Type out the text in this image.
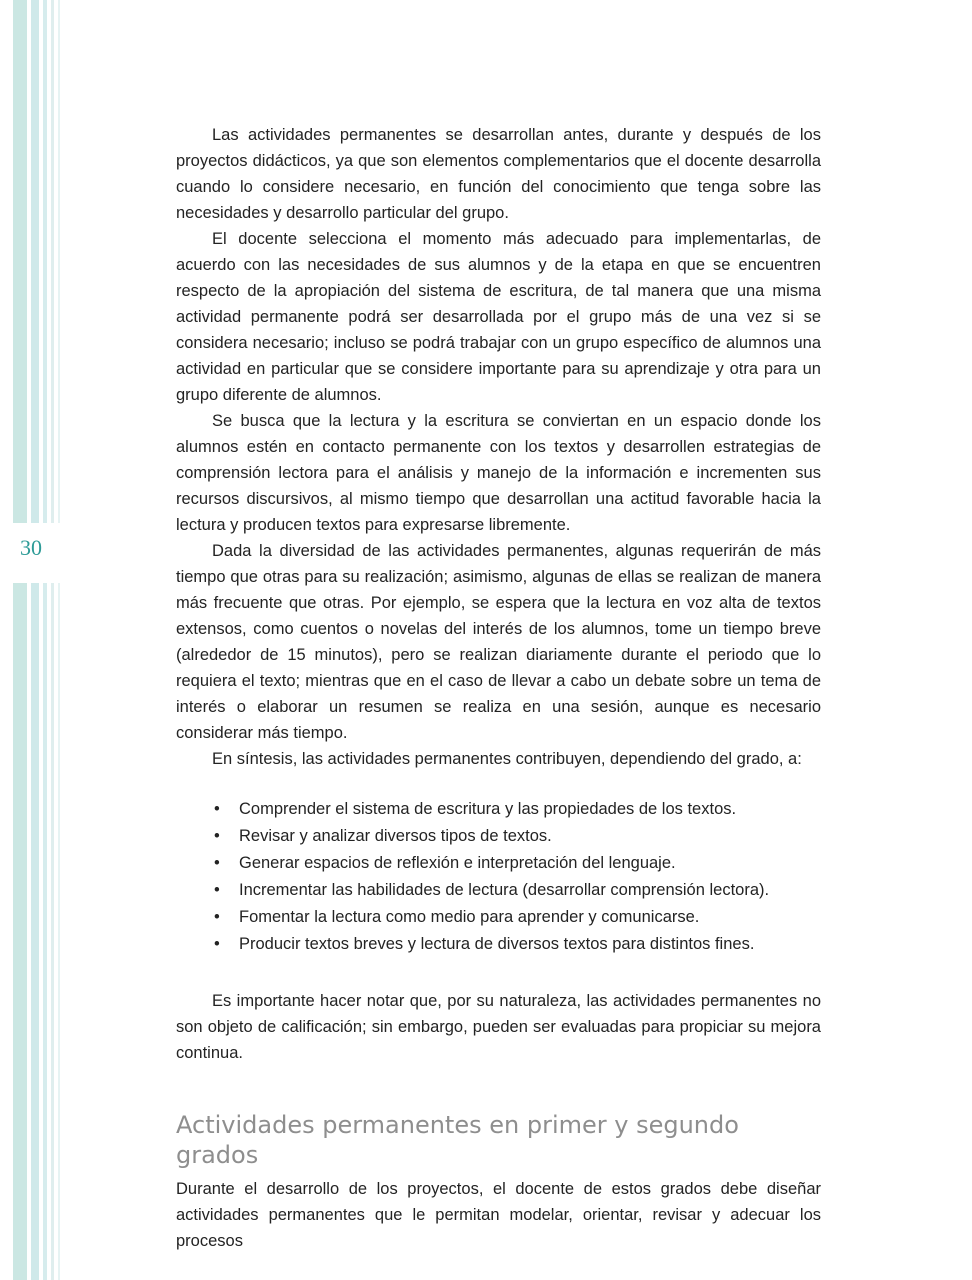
30

Las actividades permanentes se desarrollan antes, durante y después de los proyectos didácticos, ya que son elementos complementarios que el docente desarrolla cuando lo considere necesario, en función del conocimiento que tenga sobre las necesidades y desarrollo particular del grupo.

El docente selecciona el momento más adecuado para implementarlas, de acuerdo con las necesidades de sus alumnos y de la etapa en que se encuentren respecto de la apropiación del sistema de escritura, de tal manera que una misma actividad permanente podrá ser desarrollada por el grupo más de una vez si se considera necesario; incluso se podrá trabajar con un grupo específico de alumnos una actividad en particular que se considere importante para su aprendizaje y otra para un grupo diferente de alumnos.

Se busca que la lectura y la escritura se conviertan en un espacio donde los alumnos estén en contacto permanente con los textos y desarrollen estrategias de comprensión lectora para el análisis y manejo de la información e incrementen sus recursos discursivos, al mismo tiempo que desarrollan una actitud favorable hacia la lectura y producen textos para expresarse libremente.

Dada la diversidad de las actividades permanentes, algunas requerirán de más tiempo que otras para su realización; asimismo, algunas de ellas se realizan de manera más frecuente que otras. Por ejemplo, se espera que la lectura en voz alta de textos extensos, como cuentos o novelas del interés de los alumnos, tome un tiempo breve (alrededor de 15 minutos), pero se realizan diariamente durante el periodo que lo requiera el texto; mientras que en el caso de llevar a cabo un debate sobre un tema de interés o elaborar un resumen se realiza en una sesión, aunque es necesario considerar más tiempo.

En síntesis, las actividades permanentes contribuyen, dependiendo del grado, a:

• Comprender el sistema de escritura y las propiedades de los textos.
• Revisar y analizar diversos tipos de textos.
• Generar espacios de reflexión e interpretación del lenguaje.
• Incrementar las habilidades de lectura (desarrollar comprensión lectora).
• Fomentar la lectura como medio para aprender y comunicarse.
• Producir textos breves y lectura de diversos textos para distintos fines.

Es importante hacer notar que, por su naturaleza, las actividades permanentes no son objeto de calificación; sin embargo, pueden ser evaluadas para propiciar su mejora continua.

Actividades permanentes en primer y segundo grados

Durante el desarrollo de los proyectos, el docente de estos grados debe diseñar actividades permanentes que le permitan modelar, orientar, revisar y adecuar los procesos
